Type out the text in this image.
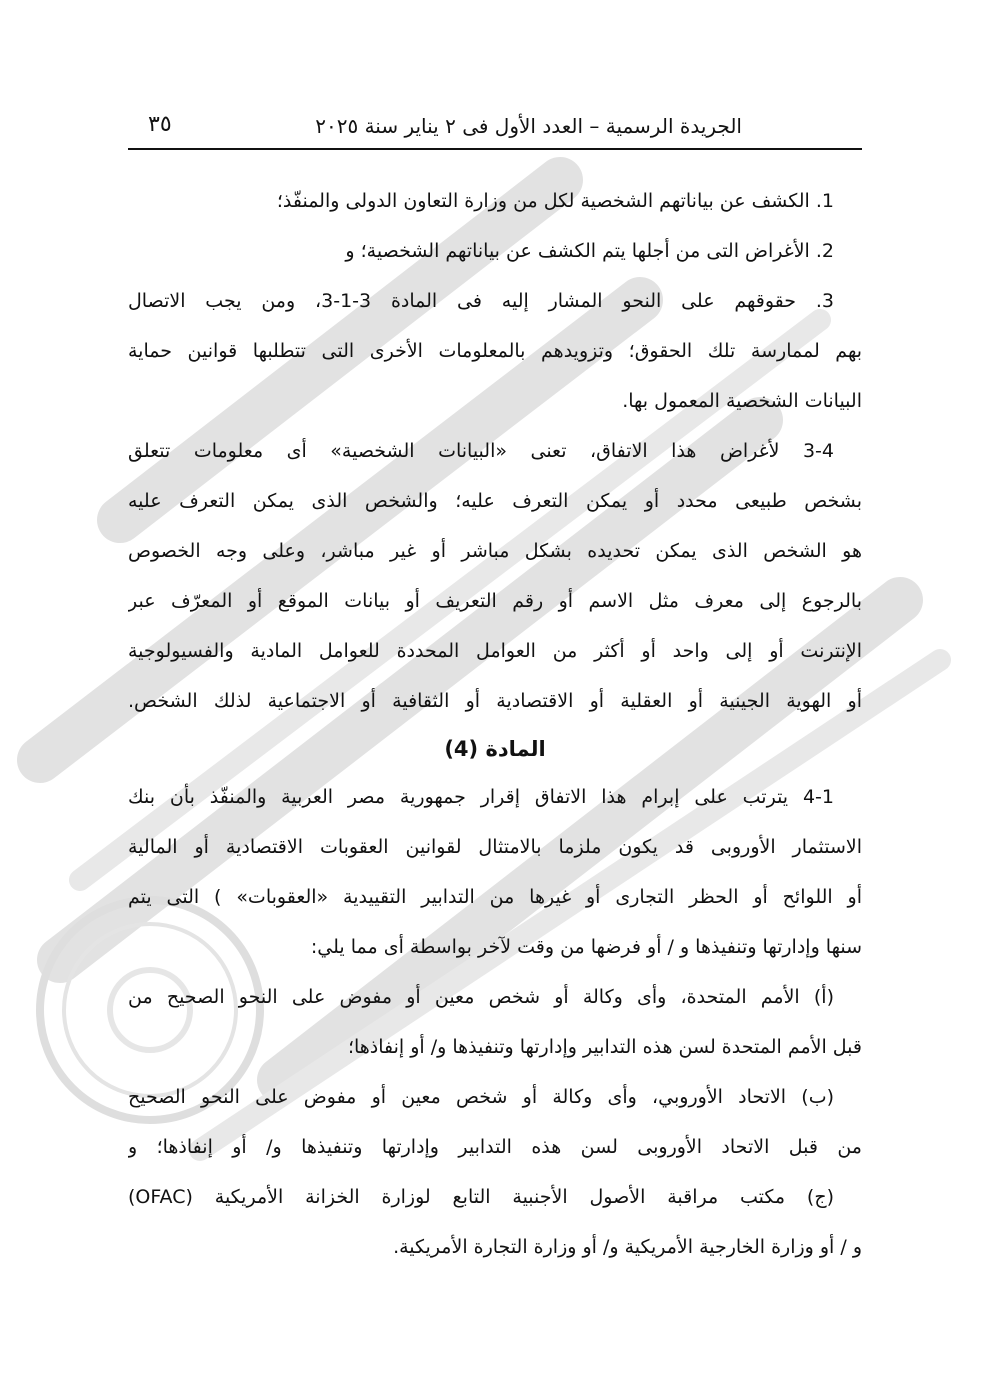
الجريدة الرسمية – العدد الأول فى ٢ يناير سنة ٢٠٢٥
٣٥
1. الكشف عن بياناتهم الشخصية لكل من وزارة التعاون الدولى والمنفّذ؛
2. الأغراض التى من أجلها يتم الكشف عن بياناتهم الشخصية؛ و
3. حقوقهم على النحو المشار إليه فى المادة 3-1-3، ومن يجب الاتصال
بهم لممارسة تلك الحقوق؛ وتزويدهم بالمعلومات الأخرى التى تتطلبها قوانين حماية
البيانات الشخصية المعمول بها.
3-4 لأغراض هذا الاتفاق، تعنى «البيانات الشخصية» أى معلومات تتعلق
بشخص طبيعى محدد أو يمكن التعرف عليه؛ والشخص الذى يمكن التعرف عليه
هو الشخص الذى يمكن تحديده بشكل مباشر أو غير مباشر، وعلى وجه الخصوص
بالرجوع إلى معرف مثل الاسم أو رقم التعريف أو بيانات الموقع أو المعرّف عبر
الإنترنت أو إلى واحد أو أكثر من العوامل المحددة للعوامل المادية والفسيولوجية
أو الهوية الجينية أو العقلية أو الاقتصادية أو الثقافية أو الاجتماعية لذلك الشخص.
المادة (4)
4-1 يترتب على إبرام هذا الاتفاق إقرار جمهورية مصر العربية والمنفّذ بأن بنك
الاستثمار الأوروبى قد يكون ملزما بالامتثال لقوانين العقوبات الاقتصادية أو المالية
أو اللوائح أو الحظر التجارى أو غيرها من التدابير التقييدية «العقوبات» ) التى يتم
سنها وإدارتها وتنفيذها و / أو فرضها من وقت لآخر بواسطة أى مما يلي:
(أ) الأمم المتحدة، وأى وكالة أو شخص معين أو مفوض على النحو الصحيح من
قبل الأمم المتحدة لسن هذه التدابير وإدارتها وتنفيذها و/ أو إنفاذها؛
(ب) الاتحاد الأوروبي، وأى وكالة أو شخص معين أو مفوض على النحو الصحيح
من قبل الاتحاد الأوروبى لسن هذه التدابير وإدارتها وتنفيذها و/ أو إنفاذها؛ و
(ج) مكتب مراقبة الأصول الأجنبية التابع لوزارة الخزانة الأمريكية (OFAC)
و / أو وزارة الخارجية الأمريكية و/ أو وزارة التجارة الأمريكية.
